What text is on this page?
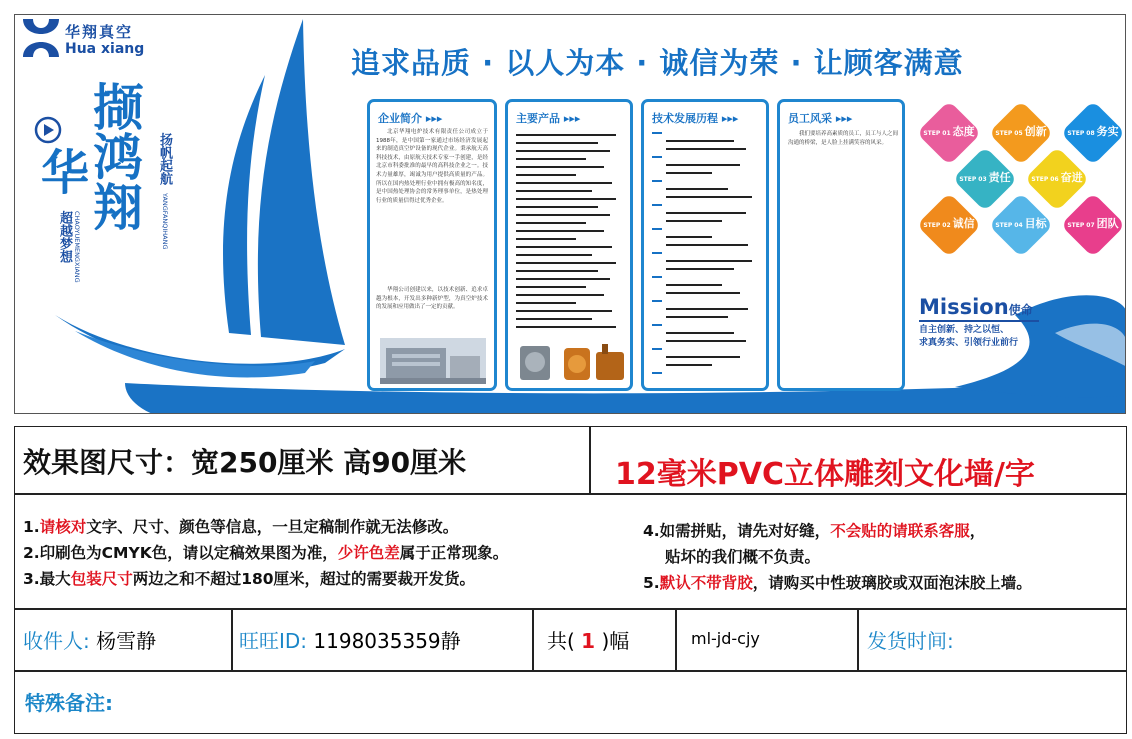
华翔真空
Hua xiang
华
撷鸿翔 扬帆起航
超越梦想	YANGFANQIHANG
CHAOYUEMENGXIANG
追求品质 · 以人为本 · 诚信为荣 · 让顾客满意
企业简介 ▸▸▸
北京华翔电炉技术有限责任公司成立于1988年，是中国第一家通过市场经济发展起来的制造真空炉设备的现代企业。秉承航天高科技技术，由原航天技术专家一手创建，是经北京市科委批准的最早的高科技企业之一。技术力量雄厚，竭诚为用户提供高质量的产品。所以在国内热处理行业中拥有极高的知名度，是中国热处理协会的常务理事单位，是热处理行业的质量信得过优秀企业。
华翔公司创建以来，以技术创新、追求卓越为根本，开发出多种新炉型，为真空炉技术的发展和应用做出了一定的贡献。
主要产品 ▸▸▸	技术发展历程 ▸▸▸	员工风采 ▸▸▸
我们要培养高素质的员工，员工与人之间沟通的桥梁，是人脸上挂满笑容的风采。
STEP 01 态度	STEP 05 创新	STEP 08 务实
STEP 03 责任	STEP 06 奋进
STEP 02 诚信	STEP 04 目标	STEP 07 团队
Mission使命
自主创新、持之以恒、
求真务实、引领行业前行
效果图尺寸：宽250厘米 高90厘米	12毫米PVC立体雕刻文化墙/字
1.请核对文字、尺寸、颜色等信息，一旦定稿制作就无法修改。
2.印刷色为CMYK色，请以定稿效果图为准，少许色差属于正常现象。
3.最大包装尺寸两边之和不超过180厘米，超过的需要裁开发货。
4.如需拼贴，请先对好缝，不会贴的请联系客服，
贴坏的我们概不负责。
5.默认不带背胶，请购买中性玻璃胶或双面泡沫胶上墙。
收件人: 杨雪静	旺旺ID: 1198035359静	共( 1 )幅	ml-jd-cjy	发货时间:
特殊备注:
